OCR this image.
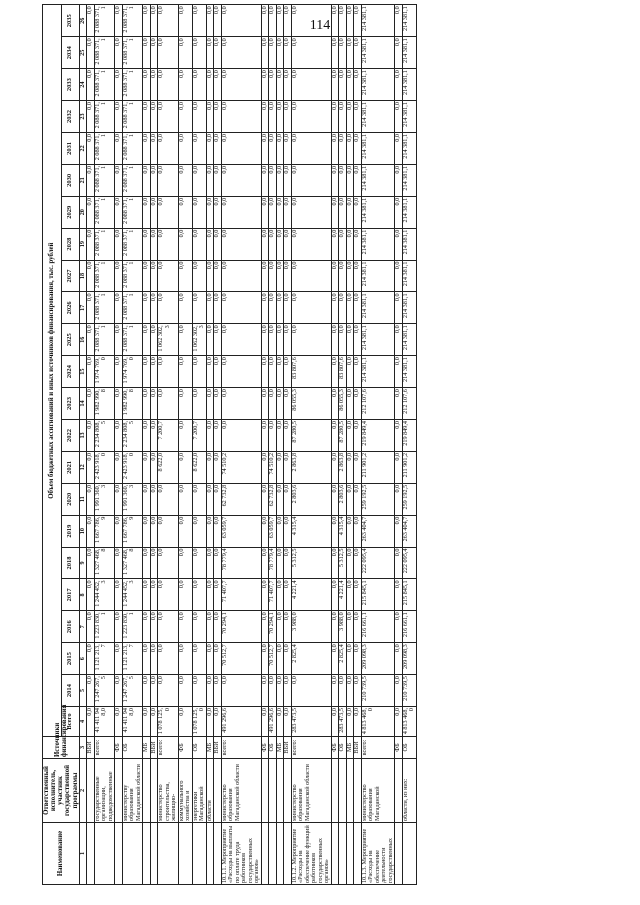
114
Наименование	Ответственный исполнитель, участник государственной программы	Источники финансирования	Объем бюджетных ассигнований и иных источников финансирования, тыс. рублей																						
			Всего	2014	2015	2016	2017	2018	2019	2020	2021	2022	2023	2024	2025	2026	2027	2028	2029	2030	2031	2032	2033	2034	2035
1	2	3	4	5	6	7	8	9	10	11	12	13	14	15	16	17	18	19	20	21	22	23	24	25	26
		ВБИ	0,0	0,0	0,0	0,0	0,0	0,0	0,0	0,0	0,0	0,0	0,0	0,0	0,0	0,0	0,0	0,0	0,0	0,0	0,0	0,0	0,0	0,0	0,0
	государственные организации, подведомственные	всего:	41 411 948,0	1 247 267,5	1 121 213,7	1 223 830,1	1 244 452,3	1 327 468,8	1 667 786,9	1 991 360,3	2 423 918,0	2 234 808,5	1 982 990,8	1 974 769,0	2 088 371,1	2 088 371,1	2 088 371,1	2 088 371,1	2 088 371,1	2 088 371,1	2 088 371,1	2 088 371,1	2 088 371,1	2 088 371,1	2 088 371,1
		ФБ	0,0	0,0	0,0	0,0	0,0	0,0	0,0	0,0	0,0	0,0	0,0	0,0	0,0	0,0	0,0	0,0	0,0	0,0	0,0	0,0	0,0	0,0	0,0
	министерству образования Магаданской области	ОБ	41 411 948,0	1 247 267,5	1 121 213,7	1 223 830,1	1 244 452,3	1 327 468,8	1 667 786,9	1 991 360,3	2 423 918,0	2 234 808,5	1 982 990,8	1 974 769,0	2 088 371,1	2 088 371,1	2 088 371,1	2 088 371,1	2 088 371,1	2 088 371,1	2 088 371,1	2 088 371,1	2 088 371,1	2 088 371,1	2 088 371,1
		МБ	0,0	0,0	0,0	0,0	0,0	0,0	0,0	0,0	0,0	0,0	0,0	0,0	0,0	0,0	0,0	0,0	0,0	0,0	0,0	0,0	0,0	0,0	0,0
		ВБИ	0,0	0,0	0,0	0,0	0,0	0,0	0,0	0,0	0,0	0,0	0,0	0,0	0,0	0,0	0,0	0,0	0,0	0,0	0,0	0,0	0,0	0,0	0,0
	министерство строительства, жилищно-	всего:	1 078 125,0	0,0	0,0	0,0	0,0	0,0	0,0	0,0	8 622,0	7 200,7	0,0	0,0	1 062 302,3	0,0	0,0	0,0	0,0	0,0	0,0	0,0	0,0	0,0	0,0
	коммунального хозяйства и	ФБ	0,0	0,0	0,0	0,0	0,0	0,0	0,0	0,0	0,0	0,0	0,0	0,0	0,0	0,0	0,0	0,0	0,0	0,0	0,0	0,0	0,0	0,0	0,0
	энергетики Магаданской	ОБ	1 078 125,0	0,0	0,0	0,0	0,0	0,0	0,0	0,0	8 622,0	7 200,7	0,0	0,0	1 062 302,3	0,0	0,0	0,0	0,0	0,0	0,0	0,0	0,0	0,0	0,0
	области	МБ	0,0	0,0	0,0	0,0	0,0	0,0	0,0	0,0	0,0	0,0	0,0	0,0	0,0	0,0	0,0	0,0	0,0	0,0	0,0	0,0	0,0	0,0	0,0
		ВБИ	0,0	0,0	0,0	0,0	0,0	0,0	0,0	0,0	0,0	0,0	0,0	0,0	0,0	0,0	0,0	0,0	0,0	0,0	0,0	0,0	0,0	0,0	0,0
10.1.1. Мероприятие «Расходы на выплаты по оплате труда работников государственных органов»	министерство образования Магаданской области	всего:	491 296,6	0,0	70 512,7	70 294,1	71 407,7	78 779,4	63 059,7	62 732,8	74 510,2	0,0	0,0	0,0	0,0	0,0	0,0	0,0	0,0	0,0	0,0	0,0	0,0	0,0	0,0
		ФБ	0,0	0,0	0,0	0,0	0,0	0,0	0,0	0,0	0,0	0,0	0,0	0,0	0,0	0,0	0,0	0,0	0,0	0,0	0,0	0,0	0,0	0,0	0,0
		ОБ	491 296,6	0,0	70 512,7	70 294,1	71 407,7	78 779,4	63 059,7	62 732,8	74 510,2	0,0	0,0	0,0	0,0	0,0	0,0	0,0	0,0	0,0	0,0	0,0	0,0	0,0	0,0
		МБ	0,0	0,0	0,0	0,0	0,0	0,0	0,0	0,0	0,0	0,0	0,0	0,0	0,0	0,0	0,0	0,0	0,0	0,0	0,0	0,0	0,0	0,0	0,0
		ВБИ	0,0	0,0	0,0	0,0	0,0	0,0	0,0	0,0	0,0	0,0	0,0	0,0	0,0	0,0	0,0	0,0	0,0	0,0	0,0	0,0	0,0	0,0	0,0
10.1.2. Мероприятие «Расходы на обеспечение функций работников государственных органов»	министерство образования Магаданской области	всего:	283 473,5	0,0	2 825,4	3 988,0	4 221,4	5 312,5	4 315,4	2 803,6	2 863,8	87 280,5	86 055,3	83 807,6	0,0	0,0	0,0	0,0	0,0	0,0	0,0	0,0	0,0	0,0	0,0
		ФБ	0,0	0,0	0,0	0,0	0,0	0,0	0,0	0,0	0,0	0,0	0,0	0,0	0,0	0,0	0,0	0,0	0,0	0,0	0,0	0,0	0,0	0,0	0,0
		ОБ	283 473,5	0,0	2 825,4	3 988,0	4 221,4	5 312,5	4 315,4	2 803,6	2 863,8	87 280,5	86 055,3	83 807,6	0,0	0,0	0,0	0,0	0,0	0,0	0,0	0,0	0,0	0,0	0,0
		МБ	0,0	0,0	0,0	0,0	0,0	0,0	0,0	0,0	0,0	0,0	0,0	0,0	0,0	0,0	0,0	0,0	0,0	0,0	0,0	0,0	0,0	0,0	0,0
		ВБИ	0,0	0,0	0,0	0,0	0,0	0,0	0,0	0,0	0,0	0,0	0,0	0,0	0,0	0,0	0,0	0,0	0,0	0,0	0,0	0,0	0,0	0,0	0,0
10.1.3. Мероприятие «Расходы на обеспечение деятельности государственных	министерство образования Магаданской	всего:	4 813 468,0	210 739,5	209 098,3	216 661,1	215 845,1	222 095,4	263 404,7	259 192,5	211 901,2	219 849,4	212 107,6	214 381,1	214 381,1	214 381,1	214 381,1	214 381,1	214 381,1	214 381,1	214 381,1	214 381,1	214 381,1	214 381,1	214 381,1
		ФБ	0,0	0,0	0,0	0,0	0,0	0,0	0,0	0,0	0,0	0,0	0,0	0,0	0,0	0,0	0,0	0,0	0,0	0,0	0,0	0,0	0,0	0,0	0,0
	области, из них:	ОБ	4 813 468,0	210 739,5	209 098,3	216 661,1	215 845,1	222 095,4	263 404,7	259 192,5	211 901,2	219 849,4	212 107,6	214 381,1	214 381,1	214 381,1	214 381,1	214 381,1	214 381,1	214 381,1	214 381,1	214 381,1	214 381,1	214 381,1	214 381,1
